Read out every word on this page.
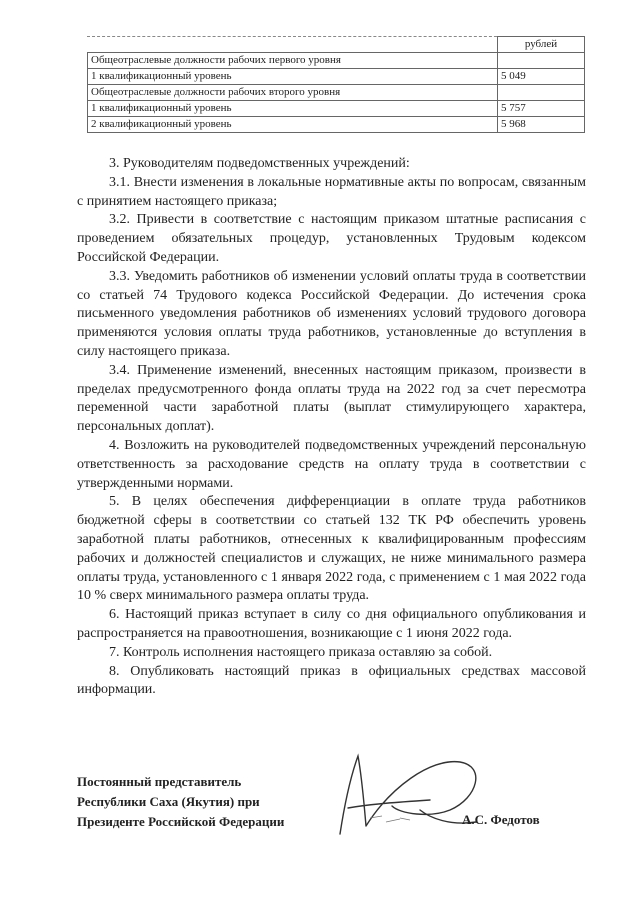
	рублей
Общеотраслевые должности рабочих первого уровня	
1 квалификационный уровень	5 049
Общеотраслевые должности рабочих второго уровня	
1 квалификационный уровень	5 757
2 квалификационный уровень	5 968

3. Руководителям подведомственных учреждений:

3.1. Внести изменения в локальные нормативные акты по вопросам, связанным с принятием настоящего приказа;

3.2. Привести в соответствие с настоящим приказом штатные расписания с проведением обязательных процедур, установленных Трудовым кодексом Российской Федерации.

3.3. Уведомить работников об изменении условий оплаты труда в соответствии со статьей 74 Трудового кодекса Российской Федерации. До истечения срока письменного уведомления работников об изменениях условий трудового договора применяются условия оплаты труда работников, установленные до вступления в силу настоящего приказа.

3.4. Применение изменений, внесенных настоящим приказом, произвести в пределах предусмотренного фонда оплаты труда на 2022 год за счет пересмотра переменной части заработной платы (выплат стимулирующего характера, персональных доплат).

4. Возложить на руководителей подведомственных учреждений персональную ответственность за расходование средств на оплату труда в соответствии с утвержденными нормами.

5. В целях обеспечения дифференциации в оплате труда работников бюджетной сферы в соответствии со статьей 132 ТК РФ обеспечить уровень заработной платы работников, отнесенных к квалифицированным профессиям рабочих и должностей специалистов и служащих, не ниже минимального размера оплаты труда, установленного с 1 января 2022 года, с применением с 1 мая 2022 года 10 % сверх минимального размера оплаты труда.

6. Настоящий приказ вступает в силу со дня официального опубликования и распространяется на правоотношения, возникающие с 1 июня 2022 года.

7. Контроль исполнения настоящего приказа оставляю за собой.

8. Опубликовать настоящий приказ в официальных средствах массовой информации.

Постоянный представитель
Республики Саха (Якутия) при
Президенте Российской Федерации	А.С. Федотов
